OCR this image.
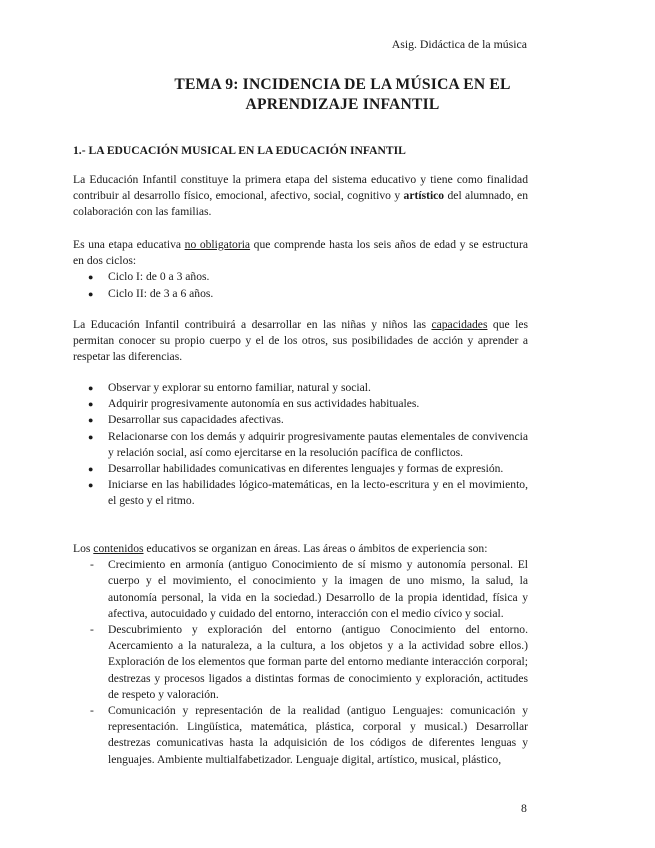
Asig. Didáctica de la música
TEMA 9: INCIDENCIA DE LA MÚSICA EN EL
APRENDIZAJE INFANTIL
1.- LA EDUCACIÓN MUSICAL EN LA EDUCACIÓN INFANTIL

La Educación Infantil constituye la primera etapa del sistema educativo y tiene como finalidad contribuir al desarrollo físico, emocional, afectivo, social, cognitivo y artístico del alumnado, en colaboración con las familias.

Es una etapa educativa no obligatoria que comprende hasta los seis años de edad y se estructura en dos ciclos:

● Ciclo I: de 0 a 3 años.
● Ciclo II: de 3 a 6 años.

La Educación Infantil contribuirá a desarrollar en las niñas y niños las capacidades que les permitan conocer su propio cuerpo y el de los otros, sus posibilidades de acción y aprender a respetar las diferencias.

● Observar y explorar su entorno familiar, natural y social.
● Adquirir progresivamente autonomía en sus actividades habituales.
● Desarrollar sus capacidades afectivas.
● Relacionarse con los demás y adquirir progresivamente pautas elementales de convivencia y relación social, así como ejercitarse en la resolución pacífica de conflictos.
● Desarrollar habilidades comunicativas en diferentes lenguajes y formas de expresión.
● Iniciarse en las habilidades lógico-matemáticas, en la lecto-escritura y en el movimiento, el gesto y el ritmo.

Los contenidos educativos se organizan en áreas. Las áreas o ámbitos de experiencia son:

- Crecimiento en armonía (antiguo Conocimiento de sí mismo y autonomía personal. El cuerpo y el movimiento, el conocimiento y la imagen de uno mismo, la salud, la autonomía personal, la vida en la sociedad.) Desarrollo de la propia identidad, física y afectiva, autocuidado y cuidado del entorno, interacción con el medio cívico y social.
- Descubrimiento y exploración del entorno (antiguo Conocimiento del entorno. Acercamiento a la naturaleza, a la cultura, a los objetos y a la actividad sobre ellos.) Exploración de los elementos que forman parte del entorno mediante interacción corporal; destrezas y procesos ligados a distintas formas de conocimiento y exploración, actitudes de respeto y valoración.
- Comunicación y representación de la realidad (antiguo Lenguajes: comunicación y representación. Lingüística, matemática, plástica, corporal y musical.) Desarrollar destrezas comunicativas hasta la adquisición de los códigos de diferentes lenguas y lenguajes. Ambiente multialfabetizador. Lenguaje digital, artístico, musical, plástico,
8
